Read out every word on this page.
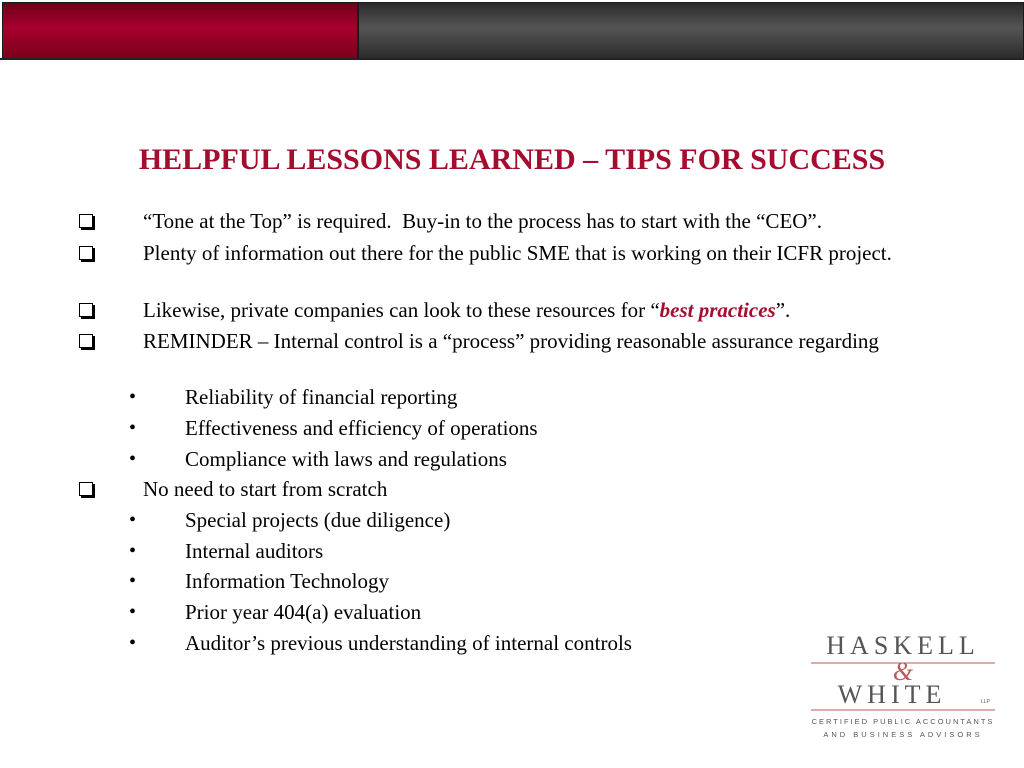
HELPFUL LESSONS LEARNED – TIPS FOR SUCCESS
“Tone at the Top” is required.  Buy-in to the process has to start with the “CEO”.
Plenty of information out there for the public SME that is working on their ICFR project.
Likewise, private companies can look to these resources for “best practices”.
REMINDER – Internal control is a “process” providing reasonable assurance regarding
• Reliability of financial reporting
• Effectiveness and efficiency of operations
• Compliance with laws and regulations
No need to start from scratch
• Special projects (due diligence)
• Internal auditors
• Information Technology
• Prior year 404(a) evaluation
• Auditor’s previous understanding of internal controls	HASKELL
&
WHITE	LLP
CERTIFIED PUBLIC ACCOUNTANTS
AND BUSINESS ADVISORS
